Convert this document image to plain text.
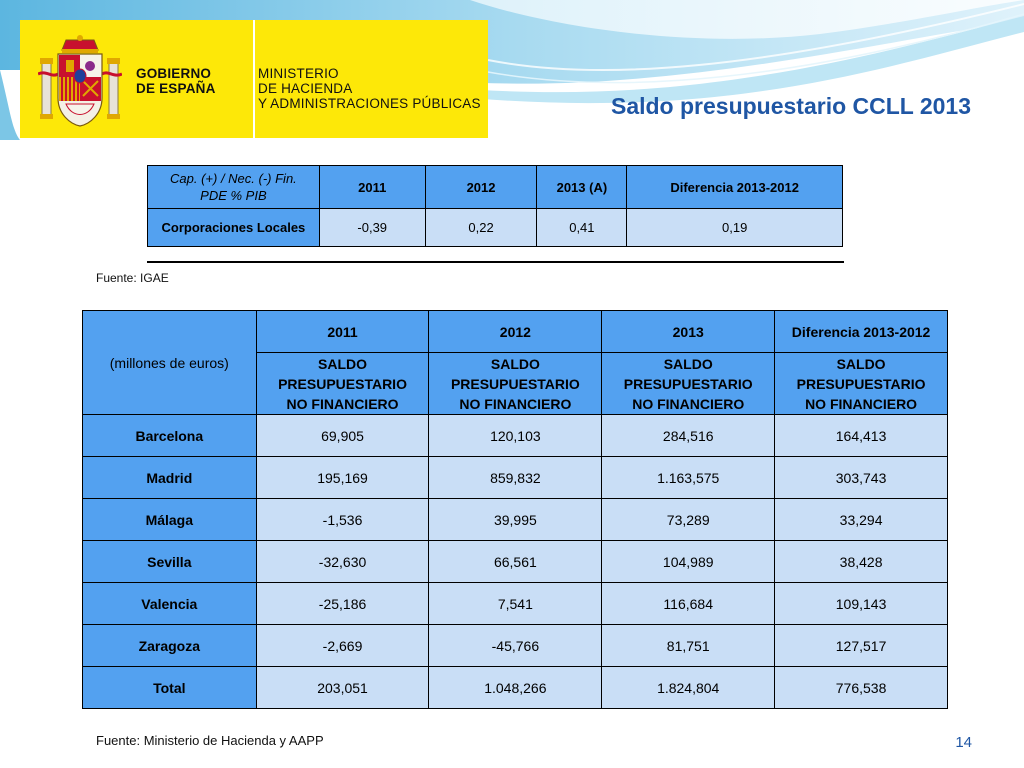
GOBIERNO
DE ESPAÑA
MINISTERIO
DE HACIENDA
Y ADMINISTRACIONES PÚBLICAS	Saldo presupuestario CCLL 2013
Cap. (+) / Nec. (-) Fin.
PDE % PIB	2011	2012	2013 (A)	Diferencia 2013-2012
Corporaciones Locales	-0,39	0,22	0,41	0,19
Fuente: IGAE
(millones de euros)	2011	2012	2013	Diferencia 2013-2012
	SALDO
PRESUPUESTARIO
NO FINANCIERO	SALDO
PRESUPUESTARIO
NO FINANCIERO	SALDO
PRESUPUESTARIO
NO FINANCIERO	SALDO
PRESUPUESTARIO
NO FINANCIERO
Barcelona	69,905	120,103	284,516	164,413
Madrid	195,169	859,832	1.163,575	303,743
Málaga	-1,536	39,995	73,289	33,294
Sevilla	-32,630	66,561	104,989	38,428
Valencia	-25,186	7,541	116,684	109,143
Zaragoza	-2,669	-45,766	81,751	127,517
Total	203,051	1.048,266	1.824,804	776,538
Fuente: Ministerio de Hacienda y AAPP	14
